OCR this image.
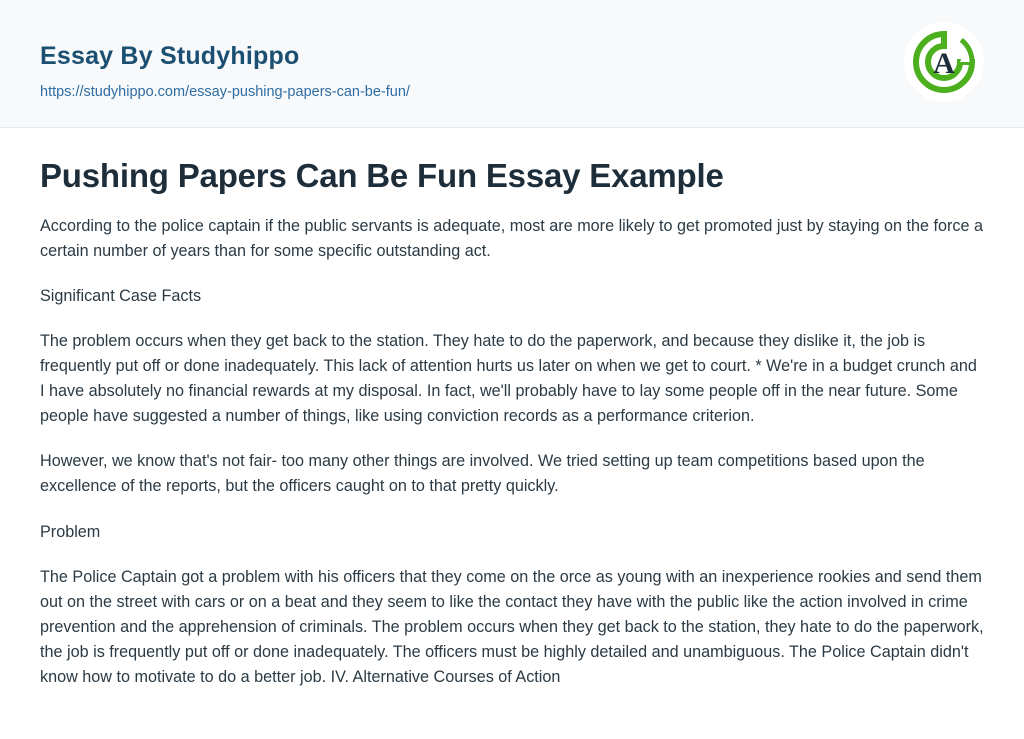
Essay By Studyhippo
https://studyhippo.com/essay-pushing-papers-can-be-fun/
A
Pushing Papers Can Be Fun Essay Example

According to the police captain if the public servants is adequate, most are more likely to get promoted just by staying on the force a certain number of years than for some specific outstanding act.

Significant Case Facts

The problem occurs when they get back to the station. They hate to do the paperwork, and because they dislike it, the job is frequently put off or done inadequately. This lack of attention hurts us later on when we get to court. * We're in a budget crunch and I have absolutely no financial rewards at my disposal. In fact, we'll probably have to lay some people off in the near future. Some people have suggested a number of things, like using conviction records as a performance criterion.

However, we know that's not fair- too many other things are involved. We tried setting up team competitions based upon the excellence of the reports, but the officers caught on to that pretty quickly.

Problem

The Police Captain got a problem with his officers that they come on the orce as young with an inexperience rookies and send them out on the street with cars or on a beat and they seem to like the contact they have with the public like the action involved in crime prevention and the apprehension of criminals. The problem occurs when they get back to the station, they hate to do the paperwork, the job is frequently put off or done inadequately. The officers must be highly detailed and unambiguous. The Police Captain didn't know how to motivate to do a better job. IV. Alternative Courses of Action
